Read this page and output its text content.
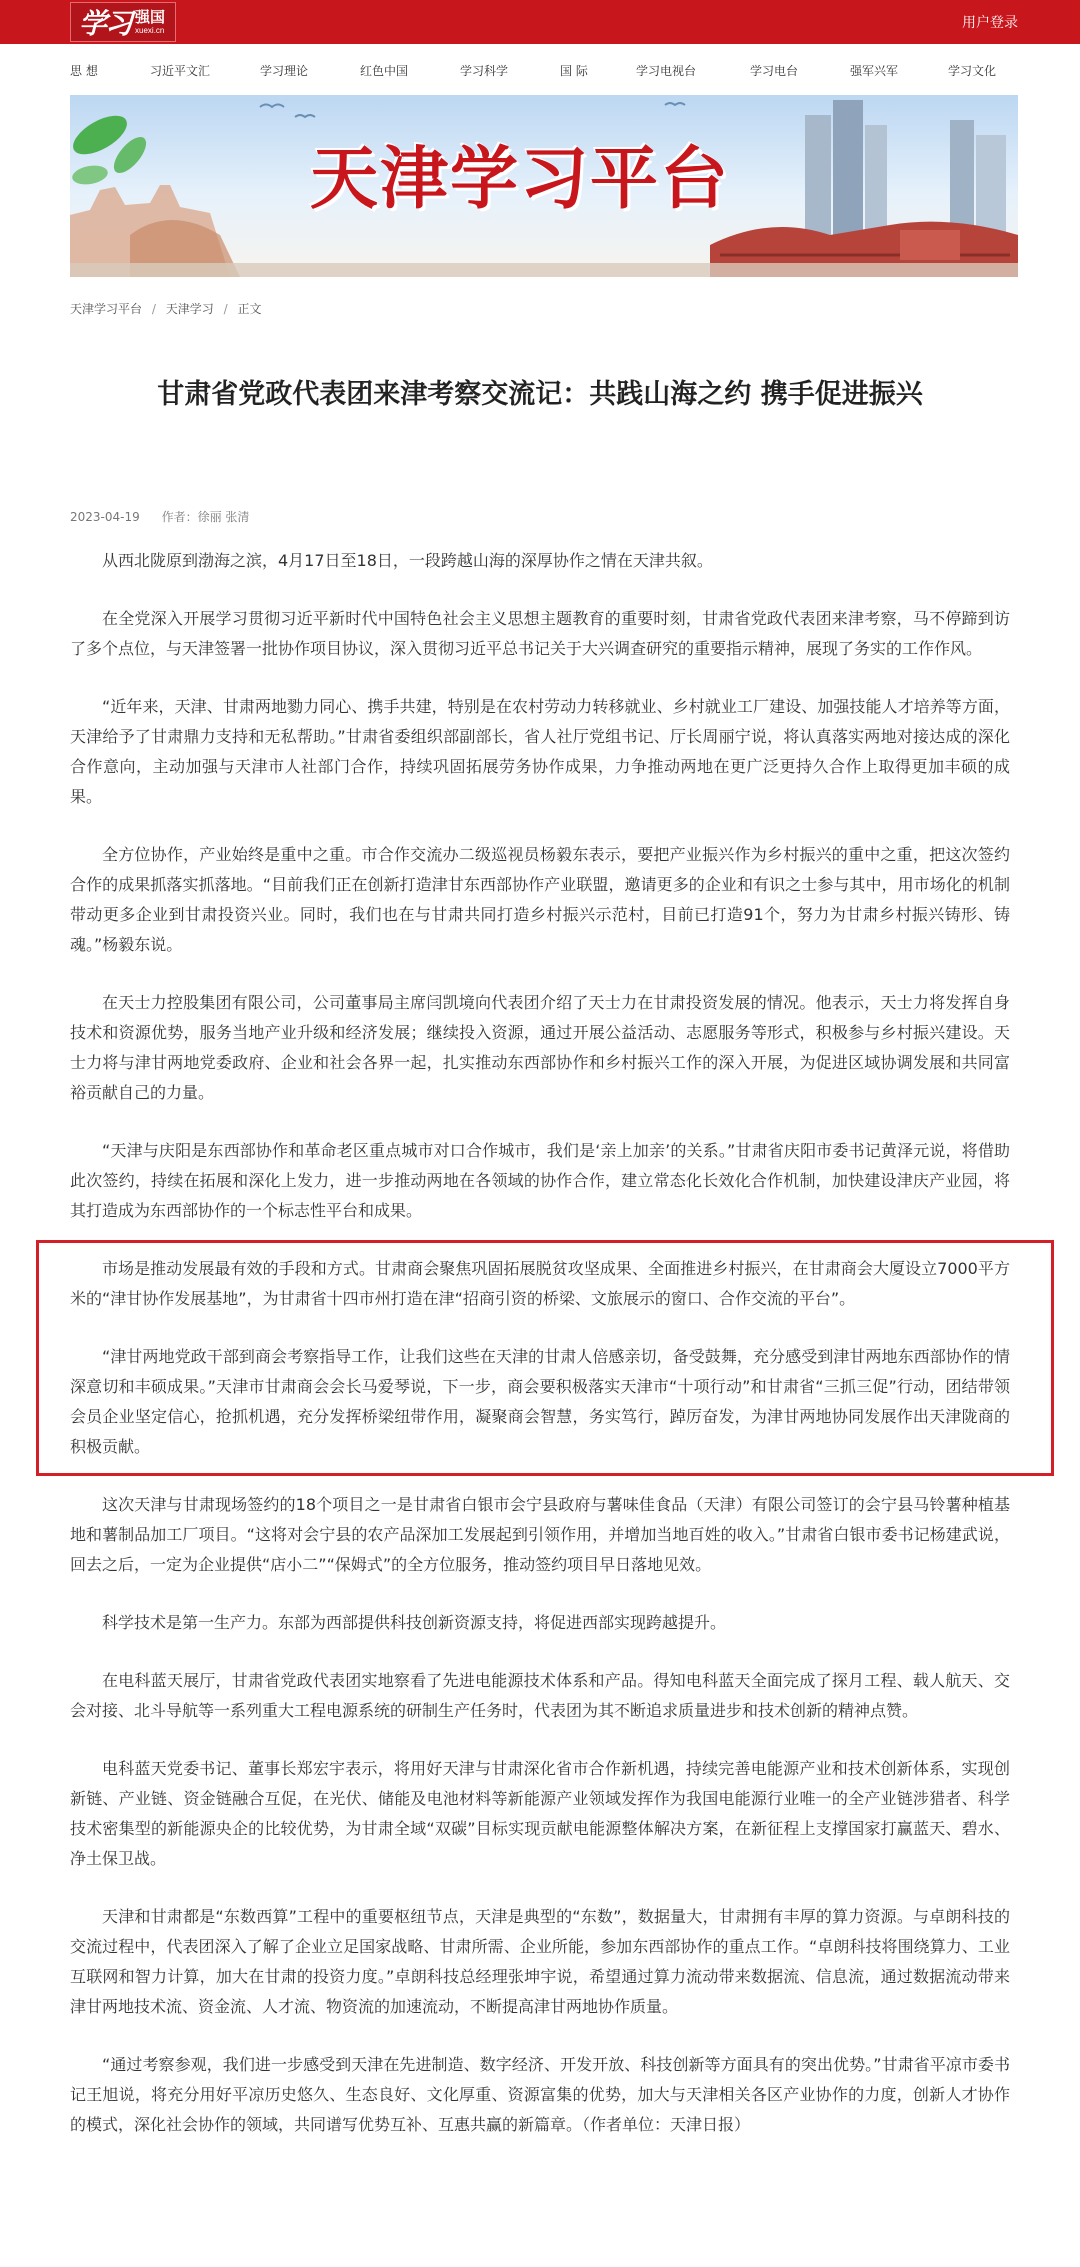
学习 强国
xuexi.cn	用户登录
思 想	习近平文汇	学习理论	红色中国	学习科学	国 际	学习电视台	学习电台	强军兴军	学习文化
天津学习平台
天津学习平台 / 天津学习 / 正文
甘肃省党政代表团来津考察交流记：共践山海之约 携手促进振兴
2023-04-19 作者：徐丽 张清

从西北陇原到渤海之滨，4月17日至18日，一段跨越山海的深厚协作之情在天津共叙。

在全党深入开展学习贯彻习近平新时代中国特色社会主义思想主题教育的重要时刻，甘肃省党政代表团来津考察，马不停蹄到访了多个点位，与天津签署一批协作项目协议，深入贯彻习近平总书记关于大兴调查研究的重要指示精神，展现了务实的工作作风。

“近年来，天津、甘肃两地勠力同心、携手共建，特别是在农村劳动力转移就业、乡村就业工厂建设、加强技能人才培养等方面，天津给予了甘肃鼎力支持和无私帮助。”甘肃省委组织部副部长，省人社厅党组书记、厅长周丽宁说，将认真落实两地对接达成的深化合作意向，主动加强与天津市人社部门合作，持续巩固拓展劳务协作成果，力争推动两地在更广泛更持久合作上取得更加丰硕的成果。

全方位协作，产业始终是重中之重。市合作交流办二级巡视员杨毅东表示，要把产业振兴作为乡村振兴的重中之重，把这次签约合作的成果抓落实抓落地。“目前我们正在创新打造津甘东西部协作产业联盟，邀请更多的企业和有识之士参与其中，用市场化的机制带动更多企业到甘肃投资兴业。同时，我们也在与甘肃共同打造乡村振兴示范村，目前已打造91个，努力为甘肃乡村振兴铸形、铸魂。”杨毅东说。

在天士力控股集团有限公司，公司董事局主席闫凯境向代表团介绍了天士力在甘肃投资发展的情况。他表示，天士力将发挥自身技术和资源优势，服务当地产业升级和经济发展；继续投入资源，通过开展公益活动、志愿服务等形式，积极参与乡村振兴建设。天士力将与津甘两地党委政府、企业和社会各界一起，扎实推动东西部协作和乡村振兴工作的深入开展，为促进区域协调发展和共同富裕贡献自己的力量。

“天津与庆阳是东西部协作和革命老区重点城市对口合作城市，我们是‘亲上加亲’的关系。”甘肃省庆阳市委书记黄泽元说，将借助此次签约，持续在拓展和深化上发力，进一步推动两地在各领域的协作合作，建立常态化长效化合作机制，加快建设津庆产业园，将其打造成为东西部协作的一个标志性平台和成果。

市场是推动发展最有效的手段和方式。甘肃商会聚焦巩固拓展脱贫攻坚成果、全面推进乡村振兴，在甘肃商会大厦设立7000平方米的“津甘协作发展基地”，为甘肃省十四市州打造在津“招商引资的桥梁、文旅展示的窗口、合作交流的平台”。

“津甘两地党政干部到商会考察指导工作，让我们这些在天津的甘肃人倍感亲切，备受鼓舞，充分感受到津甘两地东西部协作的情深意切和丰硕成果。”天津市甘肃商会会长马爱琴说，下一步，商会要积极落实天津市“十项行动”和甘肃省“三抓三促”行动，团结带领会员企业坚定信心，抢抓机遇，充分发挥桥梁纽带作用，凝聚商会智慧，务实笃行，踔厉奋发，为津甘两地协同发展作出天津陇商的积极贡献。

这次天津与甘肃现场签约的18个项目之一是甘肃省白银市会宁县政府与薯味佳食品（天津）有限公司签订的会宁县马铃薯种植基地和薯制品加工厂项目。“这将对会宁县的农产品深加工发展起到引领作用，并增加当地百姓的收入。”甘肃省白银市委书记杨建武说，回去之后，一定为企业提供“店小二”“保姆式”的全方位服务，推动签约项目早日落地见效。

科学技术是第一生产力。东部为西部提供科技创新资源支持，将促进西部实现跨越提升。

在电科蓝天展厅，甘肃省党政代表团实地察看了先进电能源技术体系和产品。得知电科蓝天全面完成了探月工程、载人航天、交会对接、北斗导航等一系列重大工程电源系统的研制生产任务时，代表团为其不断追求质量进步和技术创新的精神点赞。

电科蓝天党委书记、董事长郑宏宇表示，将用好天津与甘肃深化省市合作新机遇，持续完善电能源产业和技术创新体系，实现创新链、产业链、资金链融合互促，在光伏、储能及电池材料等新能源产业领域发挥作为我国电能源行业唯一的全产业链涉猎者、科学技术密集型的新能源央企的比较优势，为甘肃全域“双碳”目标实现贡献电能源整体解决方案，在新征程上支撑国家打赢蓝天、碧水、净土保卫战。

天津和甘肃都是“东数西算”工程中的重要枢纽节点，天津是典型的“东数”，数据量大，甘肃拥有丰厚的算力资源。与卓朗科技的交流过程中，代表团深入了解了企业立足国家战略、甘肃所需、企业所能，参加东西部协作的重点工作。“卓朗科技将围绕算力、工业互联网和智力计算，加大在甘肃的投资力度。”卓朗科技总经理张坤宇说，希望通过算力流动带来数据流、信息流，通过数据流动带来津甘两地技术流、资金流、人才流、物资流的加速流动，不断提高津甘两地协作质量。

“通过考察参观，我们进一步感受到天津在先进制造、数字经济、开发开放、科技创新等方面具有的突出优势。”甘肃省平凉市委书记王旭说，将充分用好平凉历史悠久、生态良好、文化厚重、资源富集的优势，加大与天津相关各区产业协作的力度，创新人才协作的模式，深化社会协作的领域，共同谱写优势互补、互惠共赢的新篇章。（作者单位：天津日报）
